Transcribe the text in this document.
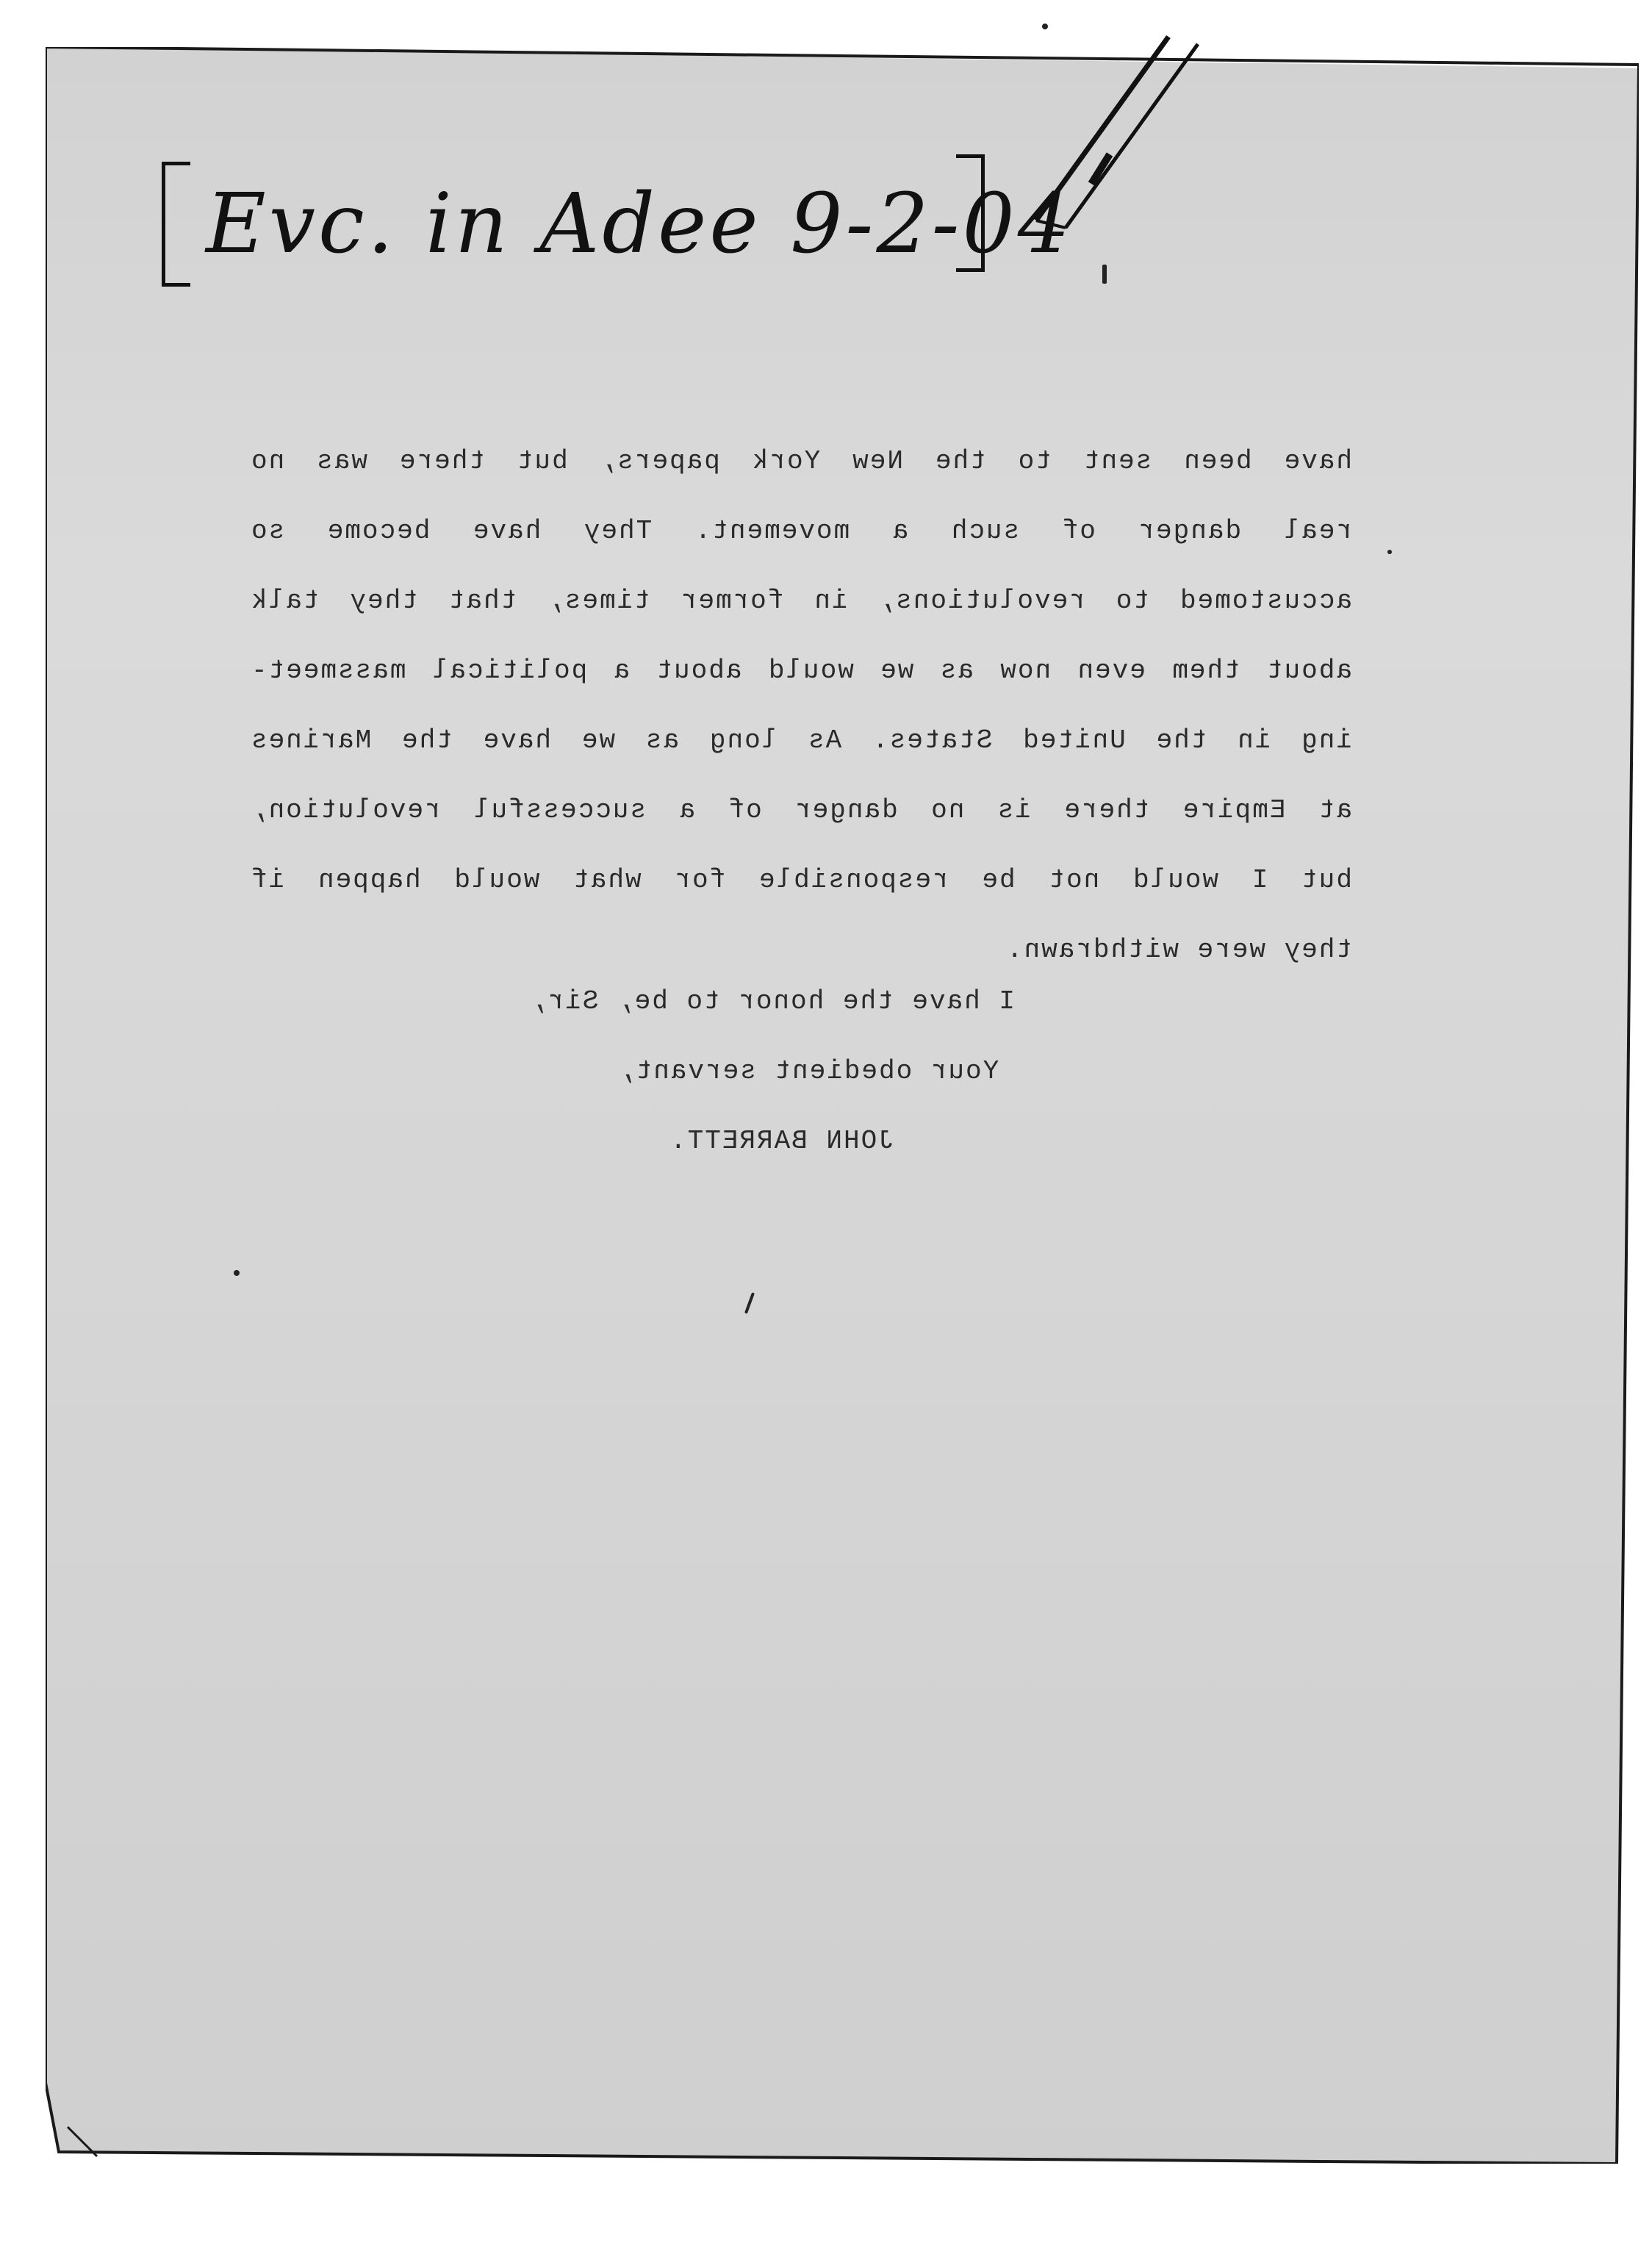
Evc. in Adee 9-2-04
have been sent to the New York papers, but there was no
real danger of such a movement. They have become so
accustomed to revolutions, in former times, that they talk
about them even now as we would about a political massmeet-
ing in the United States. As long as we have the Marines
at Empire there is no danger of a successful revolution,
but I would not be responsible for what would happen if
they were withdrawn.
I have the honor to be, Sir,
Your obedient servant,
JOHN BARRETT.
